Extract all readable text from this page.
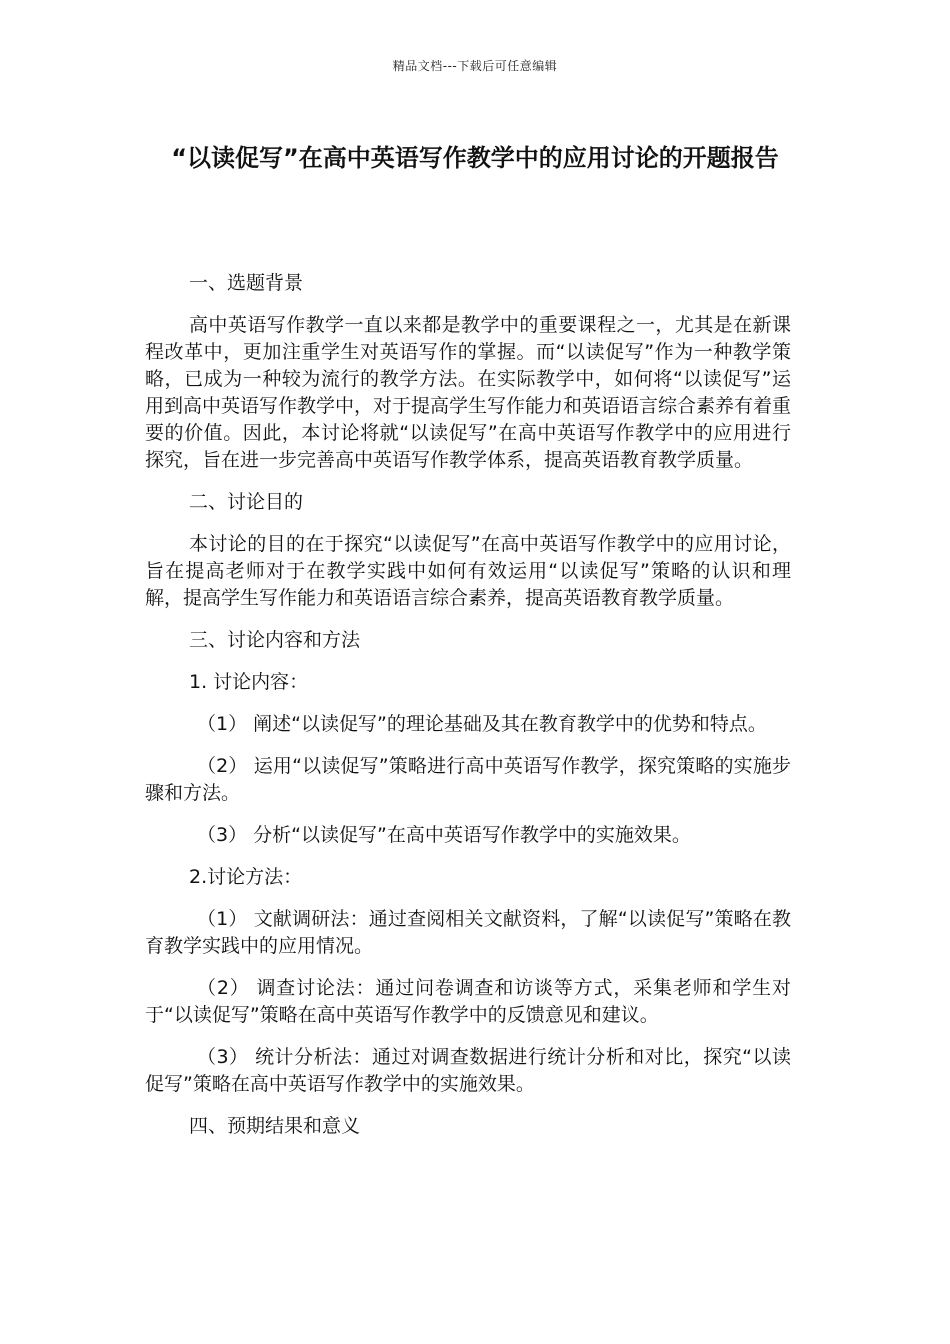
精品文档---下载后可任意编辑
“以读促写”在高中英语写作教学中的应用讨论的开题报告

一、选题背景

高中英语写作教学一直以来都是教学中的重要课程之一，尤其是在新课程改革中，更加注重学生对英语写作的掌握。而“以读促写”作为一种教学策略，已成为一种较为流行的教学方法。在实际教学中，如何将“以读促写”运用到高中英语写作教学中，对于提高学生写作能力和英语语言综合素养有着重要的价值。因此，本讨论将就“以读促写”在高中英语写作教学中的应用进行探究，旨在进一步完善高中英语写作教学体系，提高英语教育教学质量。

二、讨论目的

本讨论的目的在于探究“以读促写”在高中英语写作教学中的应用讨论，旨在提高老师对于在教学实践中如何有效运用“以读促写”策略的认识和理解，提高学生写作能力和英语语言综合素养，提高英语教育教学质量。

三、讨论内容和方法

1. 讨论内容：

（1） 阐述“以读促写”的理论基础及其在教育教学中的优势和特点。

（2） 运用“以读促写”策略进行高中英语写作教学，探究策略的实施步骤和方法。

（3） 分析“以读促写”在高中英语写作教学中的实施效果。

2.讨论方法：

（1） 文献调研法：通过查阅相关文献资料，了解“以读促写”策略在教育教学实践中的应用情况。

（2） 调查讨论法：通过问卷调查和访谈等方式，采集老师和学生对于“以读促写”策略在高中英语写作教学中的反馈意见和建议。

（3） 统计分析法：通过对调查数据进行统计分析和对比，探究“以读促写”策略在高中英语写作教学中的实施效果。

四、预期结果和意义
